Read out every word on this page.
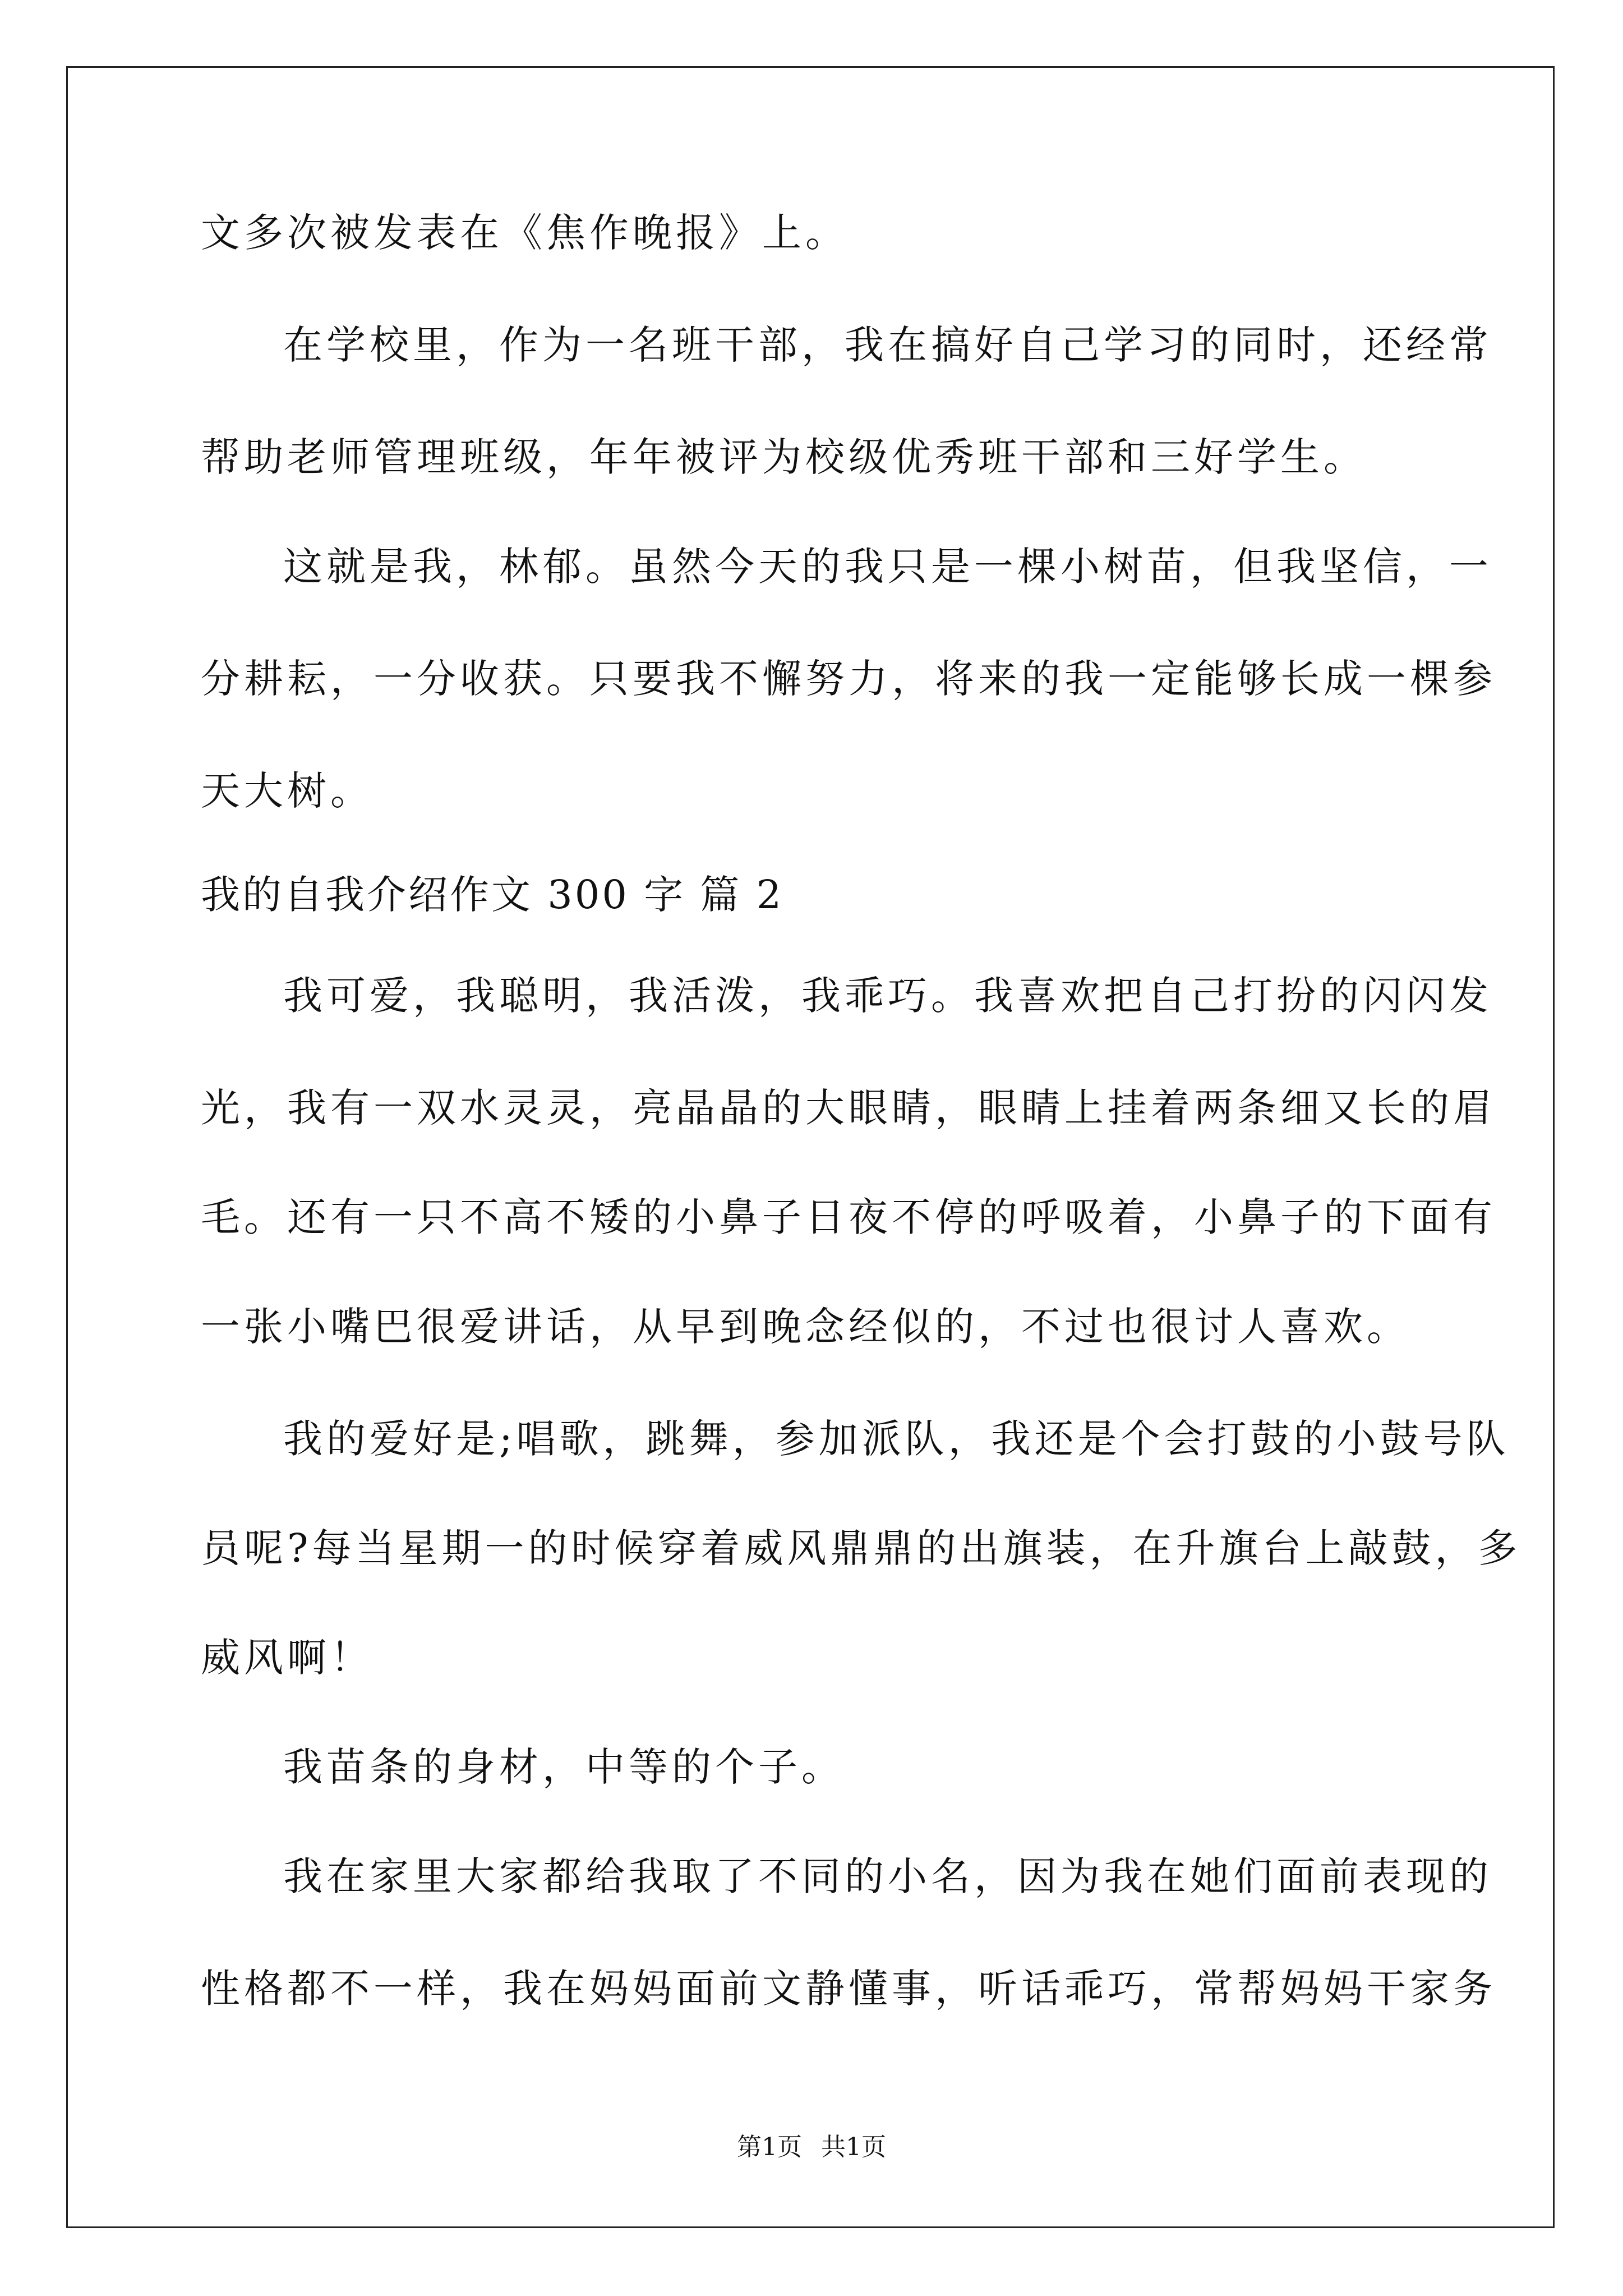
文多次被发表在《焦作晚报》上。
在学校里，作为一名班干部，我在搞好自己学习的同时，还经常
帮助老师管理班级，年年被评为校级优秀班干部和三好学生。
这就是我，林郁。虽然今天的我只是一棵小树苗，但我坚信，一
分耕耘，一分收获。只要我不懈努力，将来的我一定能够长成一棵参
天大树。
我的自我介绍作文 300 字 篇 2
我可爱，我聪明，我活泼，我乖巧。我喜欢把自己打扮的闪闪发
光，我有一双水灵灵，亮晶晶的大眼睛，眼睛上挂着两条细又长的眉
毛。还有一只不高不矮的小鼻子日夜不停的呼吸着，小鼻子的下面有
一张小嘴巴很爱讲话，从早到晚念经似的，不过也很讨人喜欢。
我的爱好是;唱歌，跳舞，参加派队，我还是个会打鼓的小鼓号队
员呢?每当星期一的时候穿着威风鼎鼎的出旗装，在升旗台上敲鼓，多
威风啊！
我苗条的身材，中等的个子。
我在家里大家都给我取了不同的小名，因为我在她们面前表现的
性格都不一样，我在妈妈面前文静懂事，听话乖巧，常帮妈妈干家务
第1页 共1页
